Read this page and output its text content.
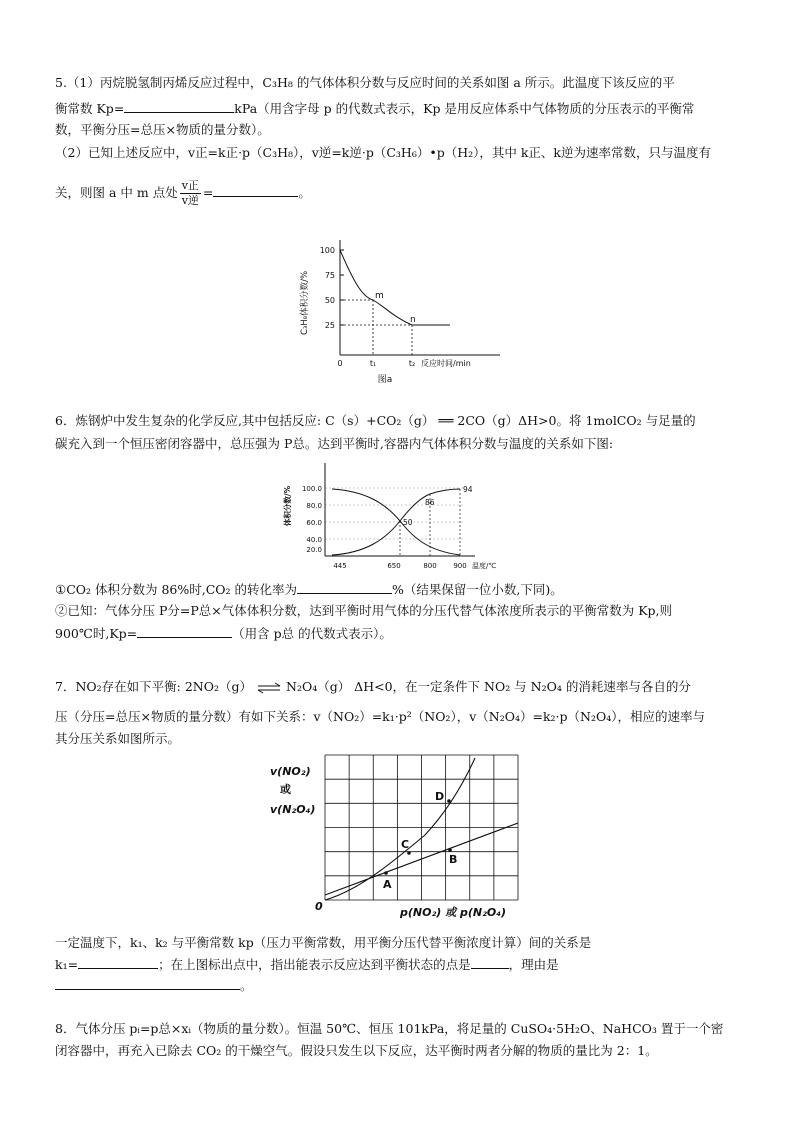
5.（1）丙烷脱氢制丙烯反应过程中，C₃H₈ 的气体体积分数与反应时间的关系如图 a 所示。此温度下该反应的平

衡常数 Kp=	kPa（用含字母 p 的代数式表示，Kp 是用反应体系中气体物质的分压表示的平衡常

数，平衡分压=总压×物质的量分数）。

（2）已知上述反应中，v正=k正·p（C₃H₈），v逆=k逆·p（C₃H₆）•p（H₂），其中 k正、k逆为速率常数，只与温度有

关，则图 a 中 m 点处 $\frac{\text{v正}}{\text{v逆}}$ =	。

100
75
50
25
C₃H₈体积分数/%	m
n
0	t₁	t₂ 反应时间/min
图a

6．炼钢炉中发生复杂的化学反应,其中包括反应: C（s）+CO₂（g） ══ 2CO（g）ΔH>0。将 1molCO₂ 与足量的

碳充入到一个恒压密闭容器中，总压强为 P总。达到平衡时,容器内气体体积分数与温度的关系如下图:

体积分数/% 100.0
80.0
60.0
40.0
20.0
50
86
94
445	650	800 900 温度/℃

①CO₂ 体积分数为 86%时,CO₂ 的转化率为	%（结果保留一位小数,下同)。

②已知：气体分压 P分=P总×气体体积分数，达到平衡时用气体的分压代替气体浓度所表示的平衡常数为 Kp,则

900℃时,Kp=	（用含 p总 的代数式表示）。

7．NO₂存在如下平衡: 2NO₂（g） ⇌ N₂O₄（g） ΔH<0，在一定条件下 NO₂ 与 N₂O₄ 的消耗速率与各自的分

压（分压=总压×物质的量分数）有如下关系：v（NO₂）=k₁·p²（NO₂），v（N₂O₄）=k₂·p（N₂O₄），相应的速率与

其分压关系如图所示。

v(NO₂)
或
v(N₂O₄)
A
B
C
D
0	p(NO₂) 或 p(N₂O₄)

一定温度下，k₁、k₂ 与平衡常数 kp（压力平衡常数，用平衡分压代替平衡浓度计算）间的关系是

k₁=	；在上图标出点中，指出能表示反应达到平衡状态的点是	，理由是

。

8．气体分压 pᵢ=p总×xᵢ（物质的量分数）。恒温 50℃、恒压 101kPa，将足量的 CuSO₄·5H₂O、NaHCO₃ 置于一个密

闭容器中，再充入已除去 CO₂ 的干燥空气。假设只发生以下反应，达平衡时两者分解的物质的量比为 2：1。
